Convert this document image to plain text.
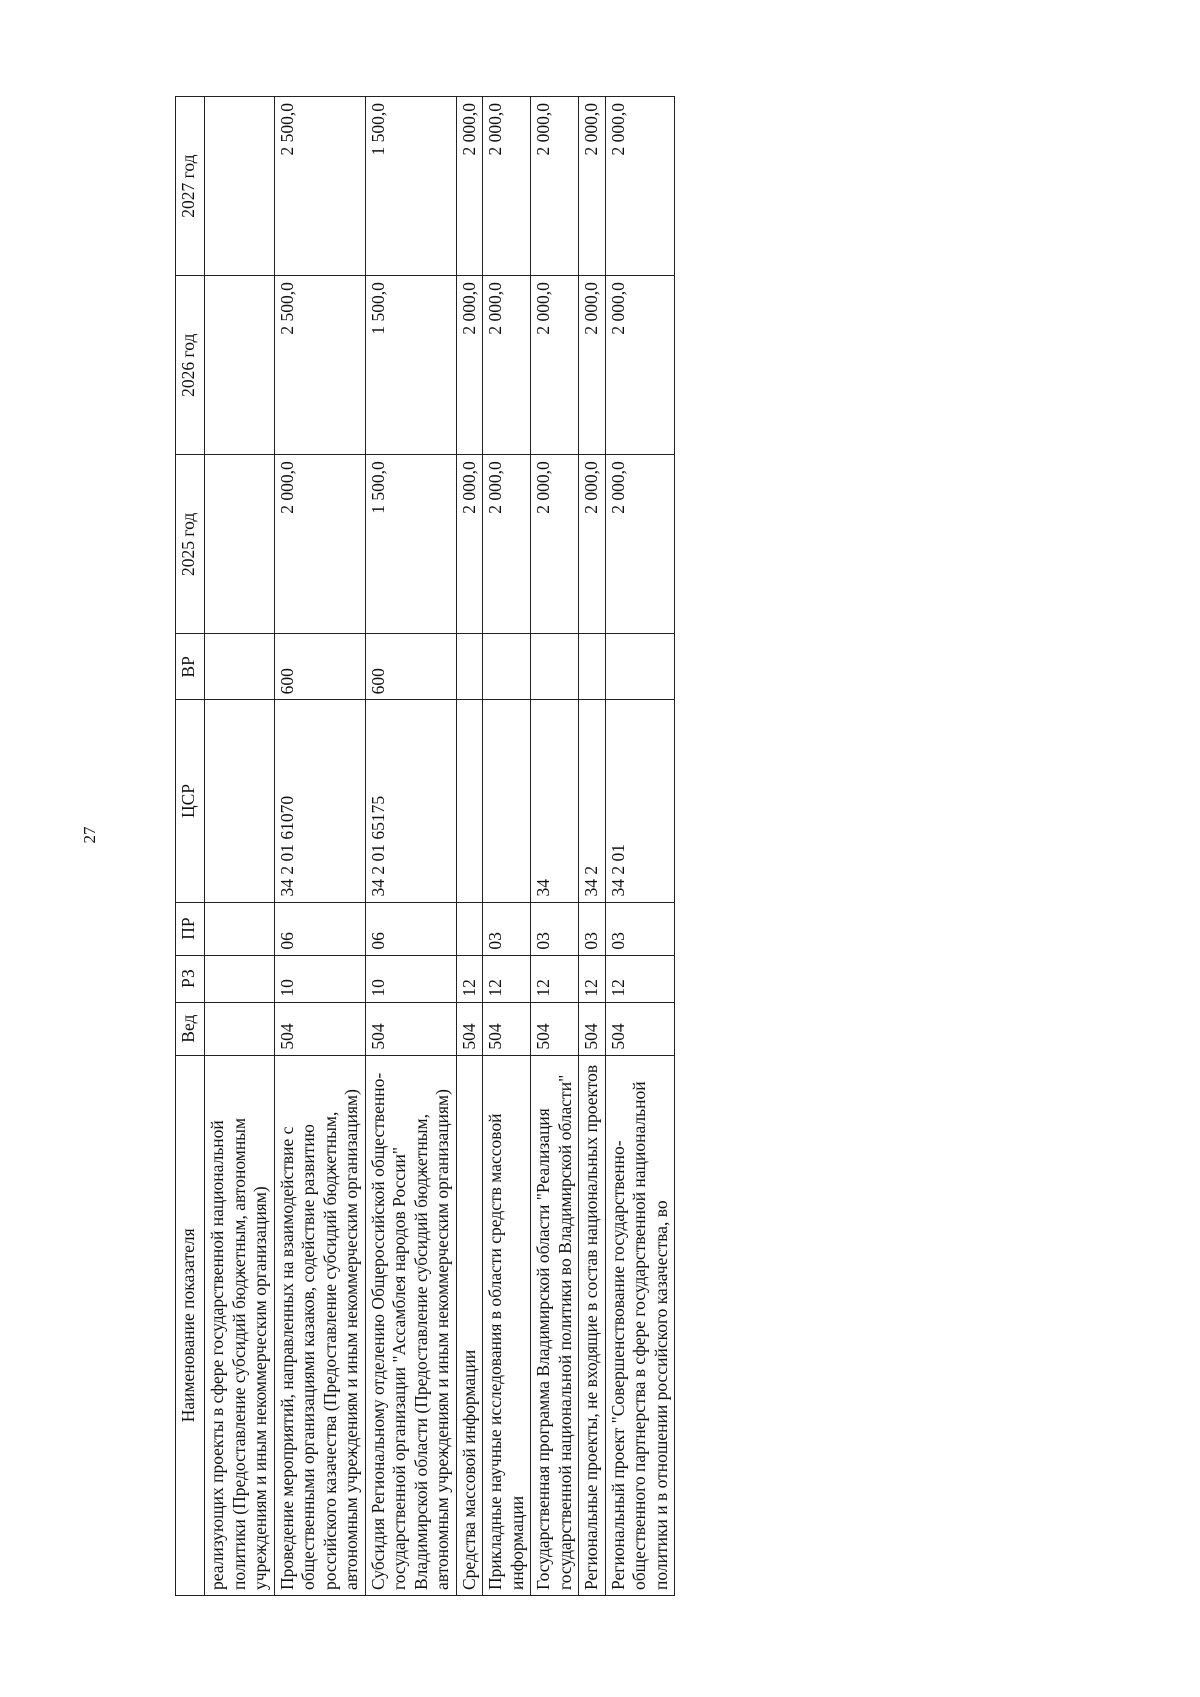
27
Наименование показателя	Вед	РЗ	ПР	ЦСР	ВР	2025 год	2026 год	2027 год
реализующих проекты в сфере государственной национальной политики (Предоставление субсидий бюджетным, автономным учреждениям и иным некоммерческим организациям)								
Проведение мероприятий, направленных на взаимодействие с общественными организациями казаков, содействие развитию российского казачества (Предоставление субсидий бюджетным, автономным учреждениям и иным некоммерческим организациям)	504	10	06	34 2 01 61070	600	2 000,0	2 500,0	2 500,0
Субсидия Региональному отделению Общероссийской общественно-государственной организации "Ассамблея народов России" Владимирской области (Предоставление субсидий бюджетным, автономным учреждениям и иным некоммерческим организациям)	504	10	06	34 2 01 65175	600	1 500,0	1 500,0	1 500,0
Средства массовой информации	504	12				2 000,0	2 000,0	2 000,0
Прикладные научные исследования в области средств массовой информации	504	12	03			2 000,0	2 000,0	2 000,0
Государственная программа Владимирской области "Реализация государственной национальной политики во Владимирской области"	504	12	03	34		2 000,0	2 000,0	2 000,0
Региональные проекты, не входящие в состав национальных проектов	504	12	03	34 2		2 000,0	2 000,0	2 000,0
Региональный проект "Совершенствование государственно-общественного партнерства в сфере государственной национальной политики и в отношении российского казачества, во	504	12	03	34 2 01		2 000,0	2 000,0	2 000,0
